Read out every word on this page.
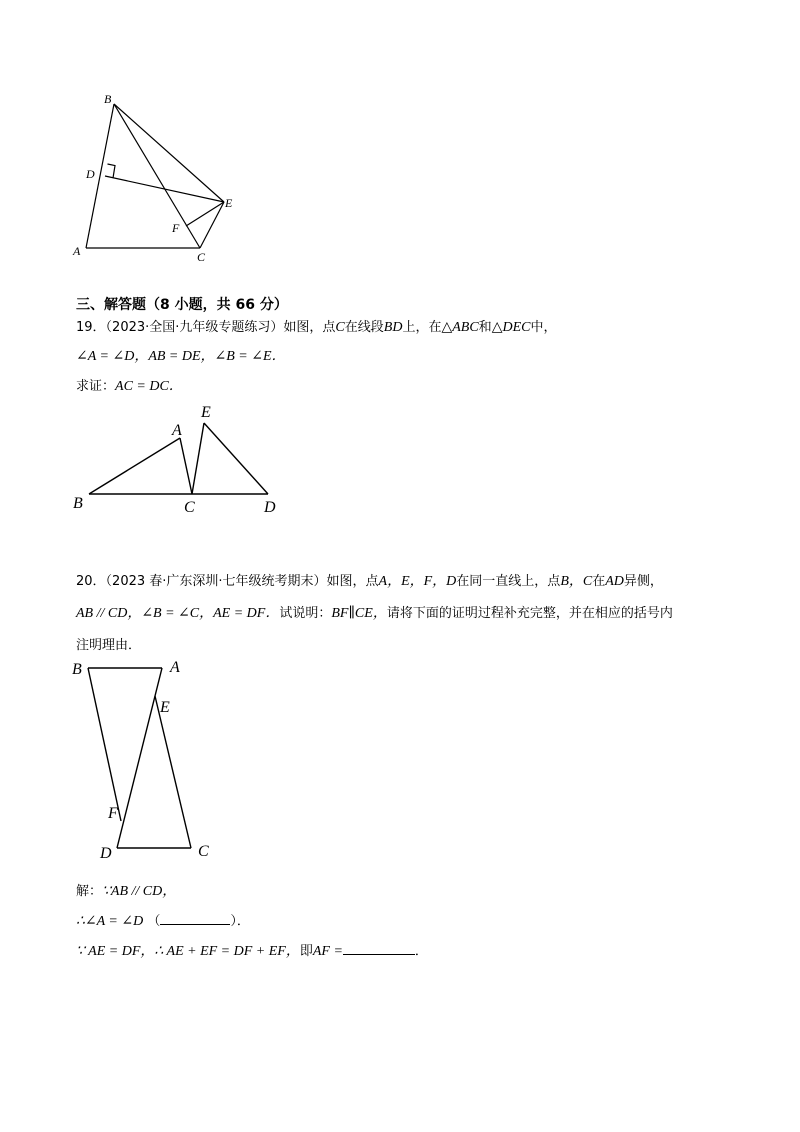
B
D
E
F
A	C
三、解答题（8 小题，共 66 分）
19．（2023·全国·九年级专题练习）如图，点C在线段BD上，在△ABC和△DEC中，
∠A = ∠D，AB = DE，∠B = ∠E．
求证：AC = DC．
A
E
B	C	D
20．（2023 春·广东深圳·七年级统考期末）如图，点A，E，F，D在同一直线上，点B，C在AD异侧，
AB // CD，∠B = ∠C，AE = DF．试说明：BF∥CE，请将下面的证明过程补充完整，并在相应的括号内
注明理由．
B	A
E
F
D	C
解：∵AB // CD，
∴∠A = ∠D （	）．
∵ AE = DF，∴ AE + EF = DF + EF，即AF =	．
